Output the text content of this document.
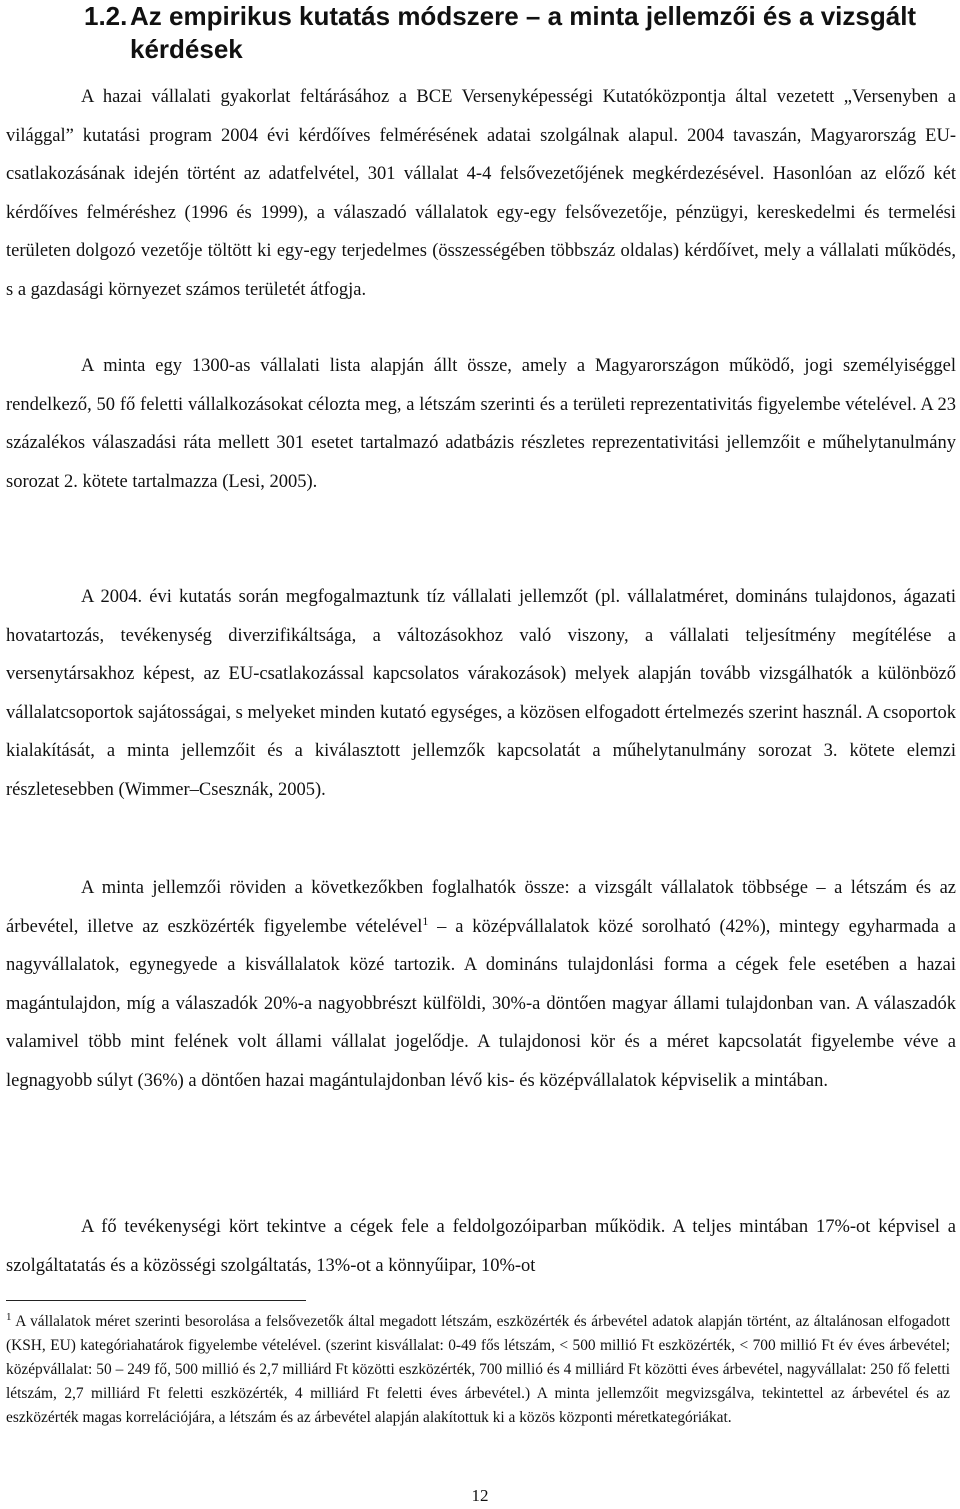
1.2. Az empirikus kutatás módszere – a minta jellemzői és a vizsgált kérdések

A hazai vállalati gyakorlat feltárásához a BCE Versenyképességi Kutatóközpontja által vezetett „Versenyben a világgal” kutatási program 2004 évi kérdőíves felmérésének adatai szolgálnak alapul. 2004 tavaszán, Magyarország EU-csatlakozásának idején történt az adatfelvétel, 301 vállalat 4-4 felsővezetőjének megkérdezésével. Hasonlóan az előző két kérdőíves felméréshez (1996 és 1999), a válaszadó vállalatok egy-egy felsővezetője, pénzügyi, kereskedelmi és termelési területen dolgozó vezetője töltött ki egy-egy terjedelmes (összességében többszáz oldalas) kérdőívet, mely a vállalati működés, s a gazdasági környezet számos területét átfogja.

A minta egy 1300-as vállalati lista alapján állt össze, amely a Magyarországon működő, jogi személyiséggel rendelkező, 50 fő feletti vállalkozásokat célozta meg, a létszám szerinti és a területi reprezentativitás figyelembe vételével. A 23 százalékos válaszadási ráta mellett 301 esetet tartalmazó adatbázis részletes reprezentativitási jellemzőit e műhelytanulmány sorozat 2. kötete tartalmazza (Lesi, 2005).

A 2004. évi kutatás során megfogalmaztunk tíz vállalati jellemzőt (pl. vállalatméret, domináns tulajdonos, ágazati hovatartozás, tevékenység diverzifikáltsága, a változásokhoz való viszony, a vállalati teljesítmény megítélése a versenytársakhoz képest, az EU-csatlakozással kapcsolatos várakozások) melyek alapján tovább vizsgálhatók a különböző vállalatcsoportok sajátosságai, s melyeket minden kutató egységes, a közösen elfogadott értelmezés szerint használ. A csoportok kialakítását, a minta jellemzőit és a kiválasztott jellemzők kapcsolatát a műhelytanulmány sorozat 3. kötete elemzi részletesebben (Wimmer–Csesznák, 2005).

A minta jellemzői röviden a következőkben foglalhatók össze: a vizsgált vállalatok többsége – a létszám és az árbevétel, illetve az eszközérték figyelembe vételével$^1$ – a középvállalatok közé sorolható (42%), mintegy egyharmada a nagyvállalatok, egynegyede a kisvállalatok közé tartozik. A domináns tulajdonlási forma a cégek fele esetében a hazai magántulajdon, míg a válaszadók 20%-a nagyobbrészt külföldi, 30%-a döntően magyar állami tulajdonban van. A válaszadók valamivel több mint felének volt állami vállalat jogelődje. A tulajdonosi kör és a méret kapcsolatát figyelembe véve a legnagyobb súlyt (36%) a döntően hazai magántulajdonban lévő kis- és középvállalatok képviselik a mintában.

A fő tevékenységi kört tekintve a cégek fele a feldolgozóiparban működik. A teljes mintában 17%-ot képvisel a szolgáltatatás és a közösségi szolgáltatás, 13%-ot a könnyűipar, 10%-ot

$^1$ A vállalatok méret szerinti besorolása a felsővezetők által megadott létszám, eszközérték és árbevétel adatok alapján történt, az általánosan elfogadott (KSH, EU) kategóriahatárok figyelembe vételével. (szerint kisvállalat: 0-49 fős létszám, < 500 millió Ft eszközérték, < 700 millió Ft év éves árbevétel; középvállalat: 50 – 249 fő, 500 millió és 2,7 milliárd Ft közötti eszközérték, 700 millió és 4 milliárd Ft közötti éves árbevétel, nagyvállalat: 250 fő feletti létszám, 2,7 milliárd Ft feletti eszközérték, 4 milliárd Ft feletti éves árbevétel.) A minta jellemzőit megvizsgálva, tekintettel az árbevétel és az eszközérték magas korrelációjára, a létszám és az árbevétel alapján alakítottuk ki a közös központi méretkategóriákat.

12
